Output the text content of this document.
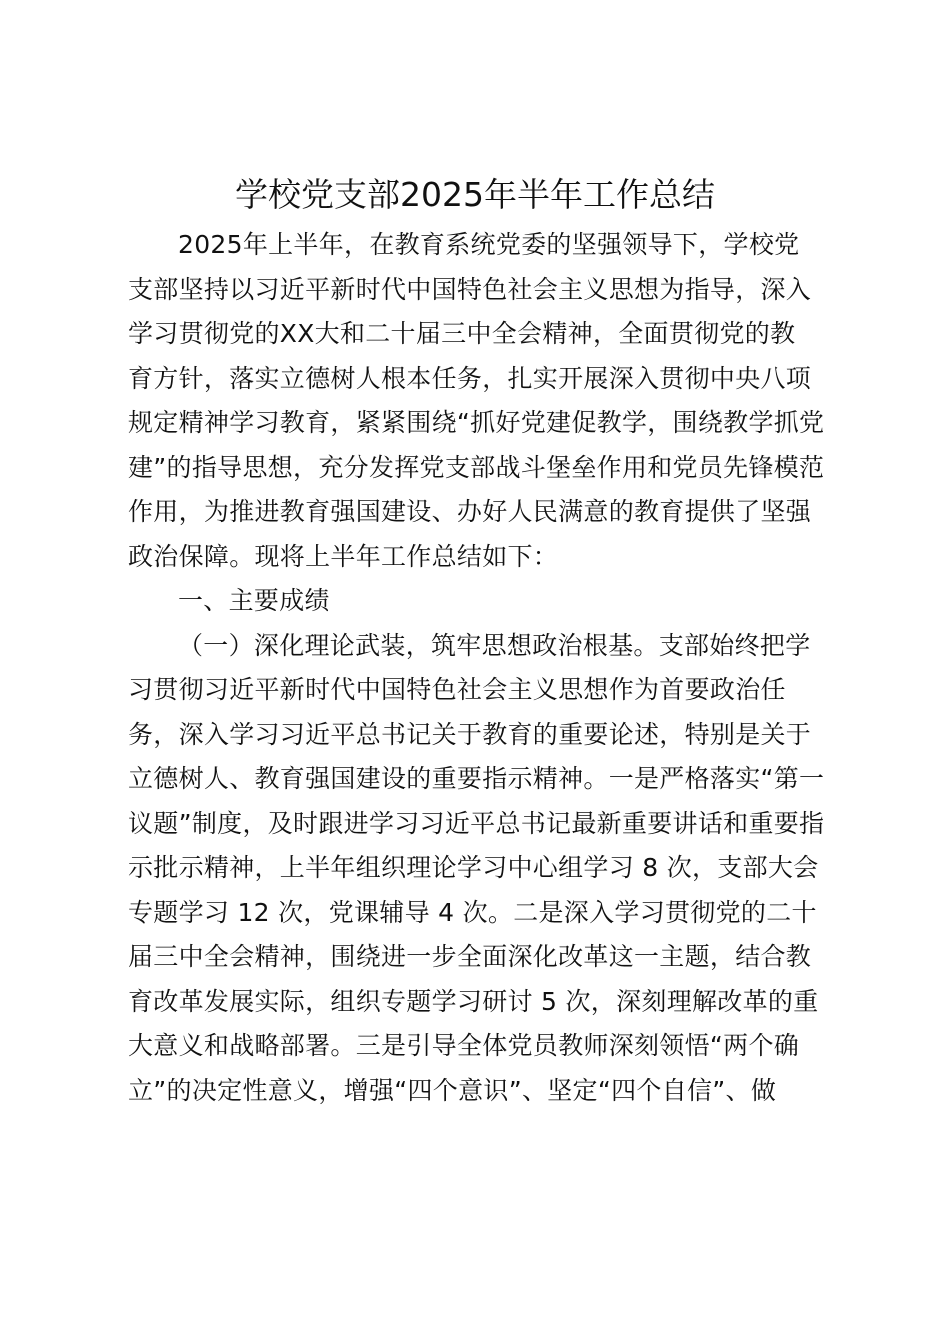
学校党支部2025年半年工作总结
2025年上半年，在教育系统党委的坚强领导下，学校党
支部坚持以习近平新时代中国特色社会主义思想为指导，深入
学习贯彻党的XX大和二十届三中全会精神，全面贯彻党的教
育方针，落实立德树人根本任务，扎实开展深入贯彻中央八项
规定精神学习教育，紧紧围绕“抓好党建促教学，围绕教学抓党
建”的指导思想，充分发挥党支部战斗堡垒作用和党员先锋模范
作用，为推进教育强国建设、办好人民满意的教育提供了坚强
政治保障。现将上半年工作总结如下：
一、主要成绩
（一）深化理论武装，筑牢思想政治根基。支部始终把学
习贯彻习近平新时代中国特色社会主义思想作为首要政治任
务，深入学习习近平总书记关于教育的重要论述，特别是关于
立德树人、教育强国建设的重要指示精神。一是严格落实“第一
议题”制度，及时跟进学习习近平总书记最新重要讲话和重要指
示批示精神，上半年组织理论学习中心组学习 8 次，支部大会
专题学习 12 次，党课辅导 4 次。二是深入学习贯彻党的二十
届三中全会精神，围绕进一步全面深化改革这一主题，结合教
育改革发展实际，组织专题学习研讨 5 次，深刻理解改革的重
大意义和战略部署。三是引导全体党员教师深刻领悟“两个确
立”的决定性意义，增强“四个意识”、坚定“四个自信”、做
